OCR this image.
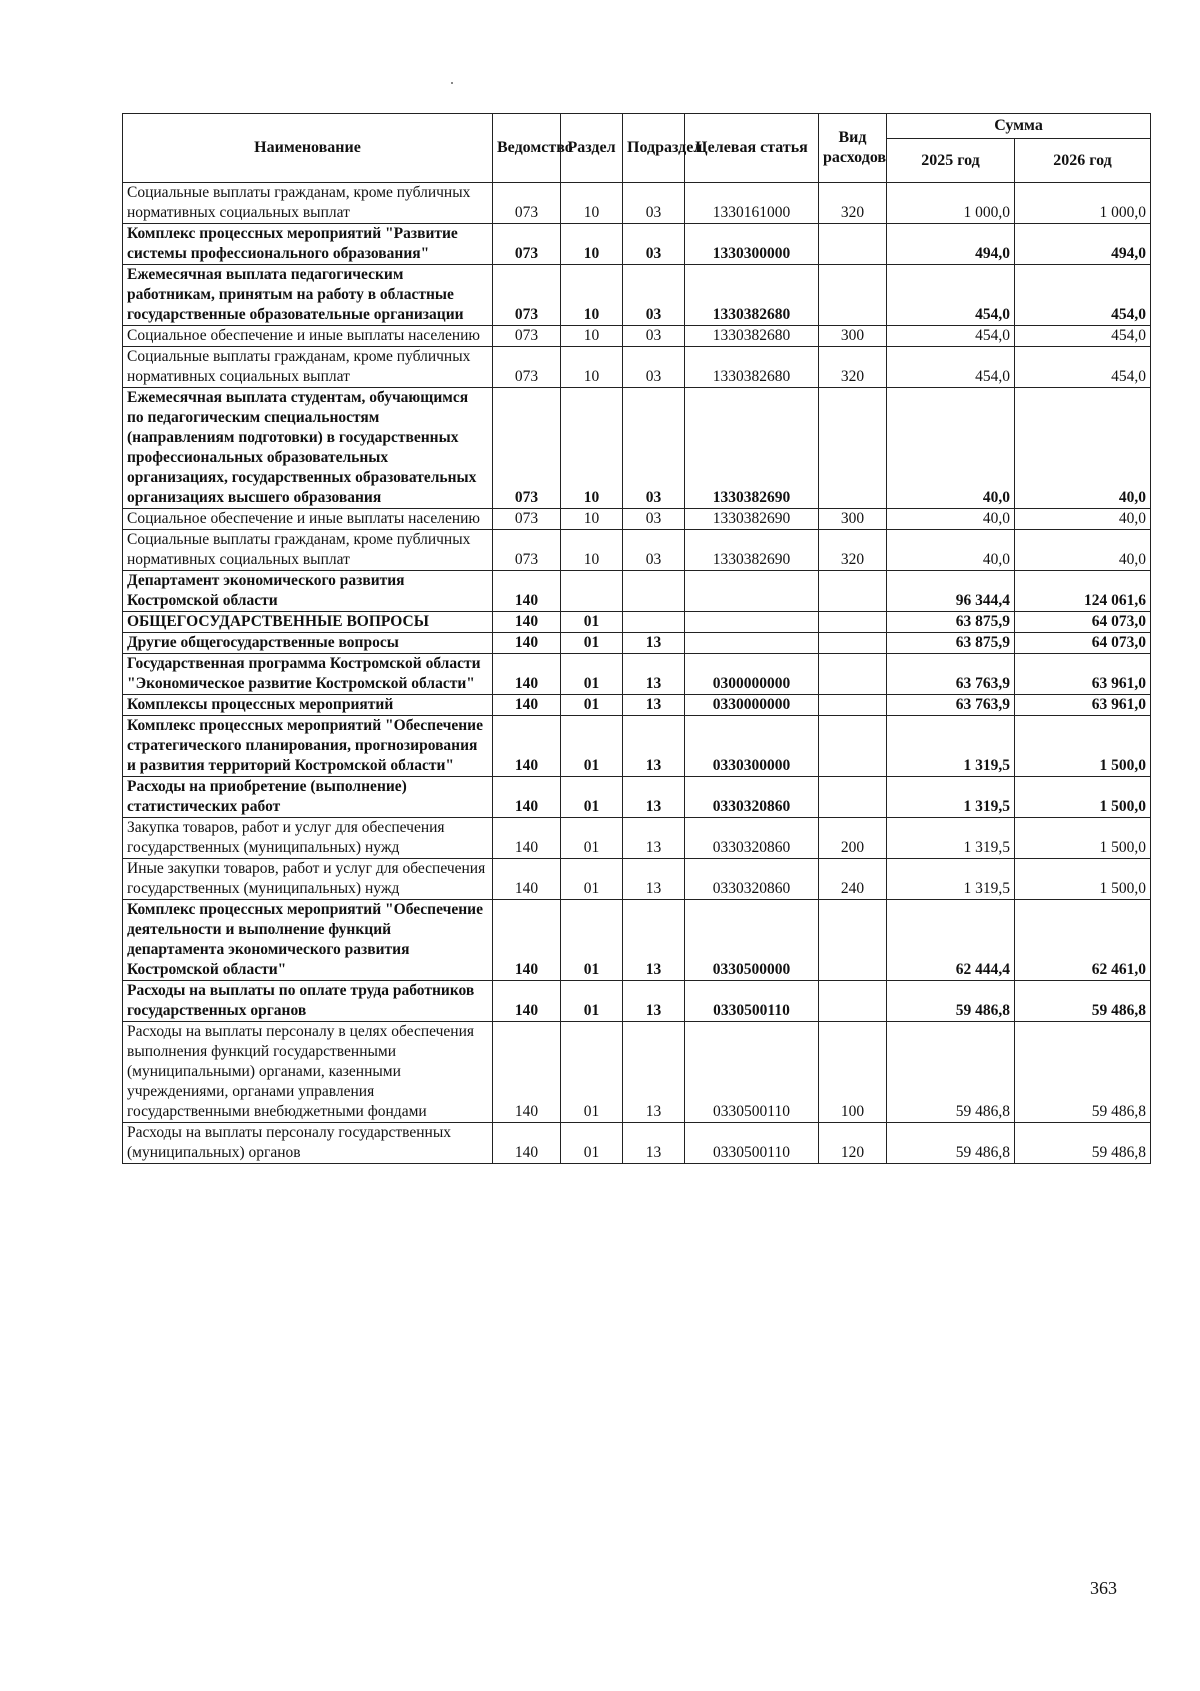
Наименование	Ведомство	Раздел	Подраздел	Целевая статья	Вид расходов	Сумма	
						2025 год	2026 год
Социальные выплаты гражданам, кроме публичных нормативных социальных выплат	073	10	03	1330161000	320	1 000,0	1 000,0
Комплекс процессных мероприятий "Развитие системы профессионального образования"	073	10	03	1330300000		494,0	494,0
Ежемесячная выплата педагогическим работникам, принятым на работу в областные государственные образовательные организации	073	10	03	1330382680		454,0	454,0
Социальное обеспечение и иные выплаты населению	073	10	03	1330382680	300	454,0	454,0
Социальные выплаты гражданам, кроме публичных нормативных социальных выплат	073	10	03	1330382680	320	454,0	454,0
Ежемесячная выплата студентам, обучающимся по педагогическим специальностям (направлениям подготовки) в государственных профессиональных образовательных организациях, государственных образовательных организациях высшего образования	073	10	03	1330382690		40,0	40,0
Социальное обеспечение и иные выплаты населению	073	10	03	1330382690	300	40,0	40,0
Социальные выплаты гражданам, кроме публичных нормативных социальных выплат	073	10	03	1330382690	320	40,0	40,0
Департамент экономического развития Костромской области	140					96 344,4	124 061,6
ОБЩЕГОСУДАРСТВЕННЫЕ ВОПРОСЫ	140	01				63 875,9	64 073,0
Другие общегосударственные вопросы	140	01	13			63 875,9	64 073,0
Государственная программа Костромской области "Экономическое развитие Костромской области"	140	01	13	0300000000		63 763,9	63 961,0
Комплексы процессных мероприятий	140	01	13	0330000000		63 763,9	63 961,0
Комплекс процессных мероприятий "Обеспечение стратегического планирования, прогнозирования и развития территорий Костромской области"	140	01	13	0330300000		1 319,5	1 500,0
Расходы на приобретение (выполнение) статистических работ	140	01	13	0330320860		1 319,5	1 500,0
Закупка товаров, работ и услуг для обеспечения государственных (муниципальных) нужд	140	01	13	0330320860	200	1 319,5	1 500,0
Иные закупки товаров, работ и услуг для обеспечения государственных (муниципальных) нужд	140	01	13	0330320860	240	1 319,5	1 500,0
Комплекс процессных мероприятий "Обеспечение деятельности и выполнение функций департамента экономического развития Костромской области"	140	01	13	0330500000		62 444,4	62 461,0
Расходы на выплаты по оплате труда работников государственных органов	140	01	13	0330500110		59 486,8	59 486,8
Расходы на выплаты персоналу в целях обеспечения выполнения функций государственными (муниципальными) органами, казенными учреждениями, органами управления государственными внебюджетными фондами	140	01	13	0330500110	100	59 486,8	59 486,8
Расходы на выплаты персоналу государственных (муниципальных) органов	140	01	13	0330500110	120	59 486,8	59 486,8
363
